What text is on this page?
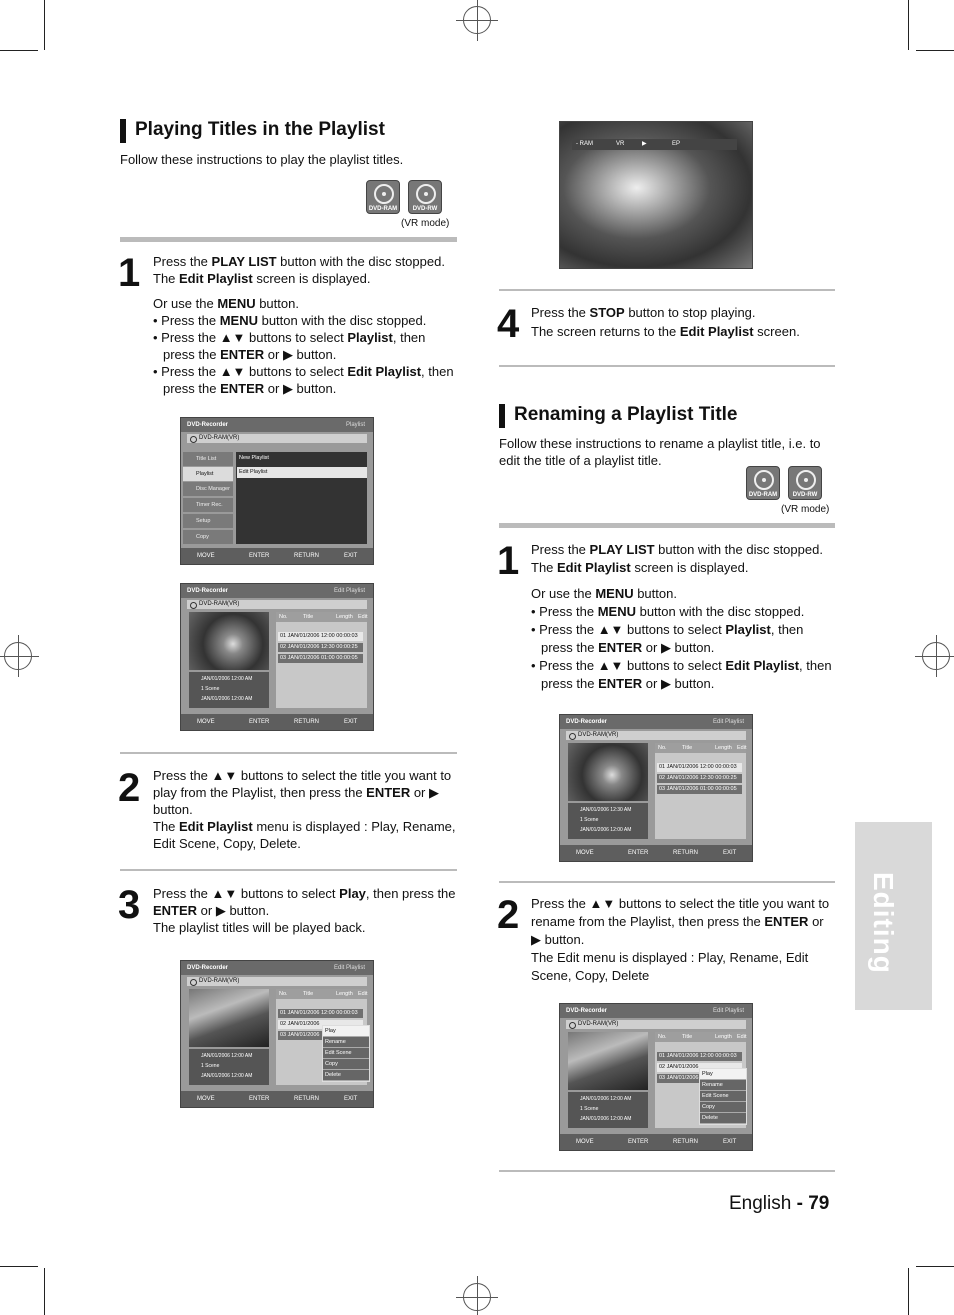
Playing Titles in the Playlist
Follow these instructions to play the playlist titles.
DVD-RAM	DVD-RW
(VR mode)
1 Press the PLAY LIST button with the disc stopped.

The Edit Playlist screen is displayed.

Or use the MENU button.

• Press the MENU button with the disc stopped.

• Press the ▲▼ buttons to select Playlist, then press the ENTER or ▶ button.

• Press the ▲▼ buttons to select Edit Playlist, then press the ENTER or ▶ button.

DVD-Recorder	Playlist
DVD-RAM(VR)
Title List
Playlist
Disc Manager
Timer Rec.
Setup
Copy
New Playlist
Edit Playlist
MOVE	ENTER	RETURN	EXIT
DVD-Recorder	Edit Playlist
DVD-RAM(VR)
JAN/01/2006 12:00 AM
1 Scene
JAN/01/2006 12:00 AM
No.	Title	Length Edit
01 JAN/01/2006 12:00 00:00:03
02 JAN/01/2006 12:30 00:00:25
03 JAN/01/2006 01:00 00:00:05
MOVE	ENTER	RETURN	EXIT
2 Press the ▲▼ buttons to select the title you want to play from the Playlist, then press the ENTER or ▶ button.

The Edit Playlist menu is displayed : Play, Rename, Edit Scene, Copy, Delete.

3 Press the ▲▼ buttons to select Play, then press the ENTER or ▶ button.

The playlist titles will be played back.

DVD-Recorder	Edit Playlist
DVD-RAM(VR)
JAN/01/2006 12:00 AM
1 Scene
JAN/01/2006 12:00 AM
No.	Title	Length Edit
01 JAN/01/2006 12:00 00:00:03
02 JAN/01/2006
03 JAN/01/2006
Play
Rename
Edit Scene
Copy
Delete
MOVE	ENTER	RETURN	EXIT
- RAM	VR	▶	EP
4 Press the STOP button to stop playing.

The screen returns to the Edit Playlist screen.

Renaming a Playlist Title
Follow these instructions to rename a playlist title, i.e. to edit the title of a playlist title.
DVD-RAM	DVD-RW
(VR mode)
1 Press the PLAY LIST button with the disc stopped.

The Edit Playlist screen is displayed.

Or use the MENU button.

• Press the MENU button with the disc stopped.

• Press the ▲▼ buttons to select Playlist, then press the ENTER or ▶ button.

• Press the ▲▼ buttons to select Edit Playlist, then press the ENTER or ▶ button.

DVD-Recorder	Edit Playlist
DVD-RAM(VR)
JAN/01/2006 12:30 AM
1 Scene
JAN/01/2006 12:00 AM
No.	Title	Length Edit
01 JAN/01/2006 12:00 00:00:03
02 JAN/01/2006 12:30 00:00:25
03 JAN/01/2006 01:00 00:00:05
MOVE	ENTER	RETURN	EXIT
2 Press the ▲▼ buttons to select the title you want to rename from the Playlist, then press the ENTER or ▶ button.

The Edit menu is displayed : Play, Rename, Edit Scene, Copy, Delete

DVD-Recorder	Edit Playlist
DVD-RAM(VR)
JAN/01/2006 12:00 AM
1 Scene
JAN/01/2006 12:00 AM
No.	Title	Length Edit
01 JAN/01/2006 12:00 00:00:03
02 JAN/01/2006
03 JAN/01/2006
Play
Rename
Edit Scene
Copy
Delete
MOVE	ENTER	RETURN	EXIT
Editing
English - 79
